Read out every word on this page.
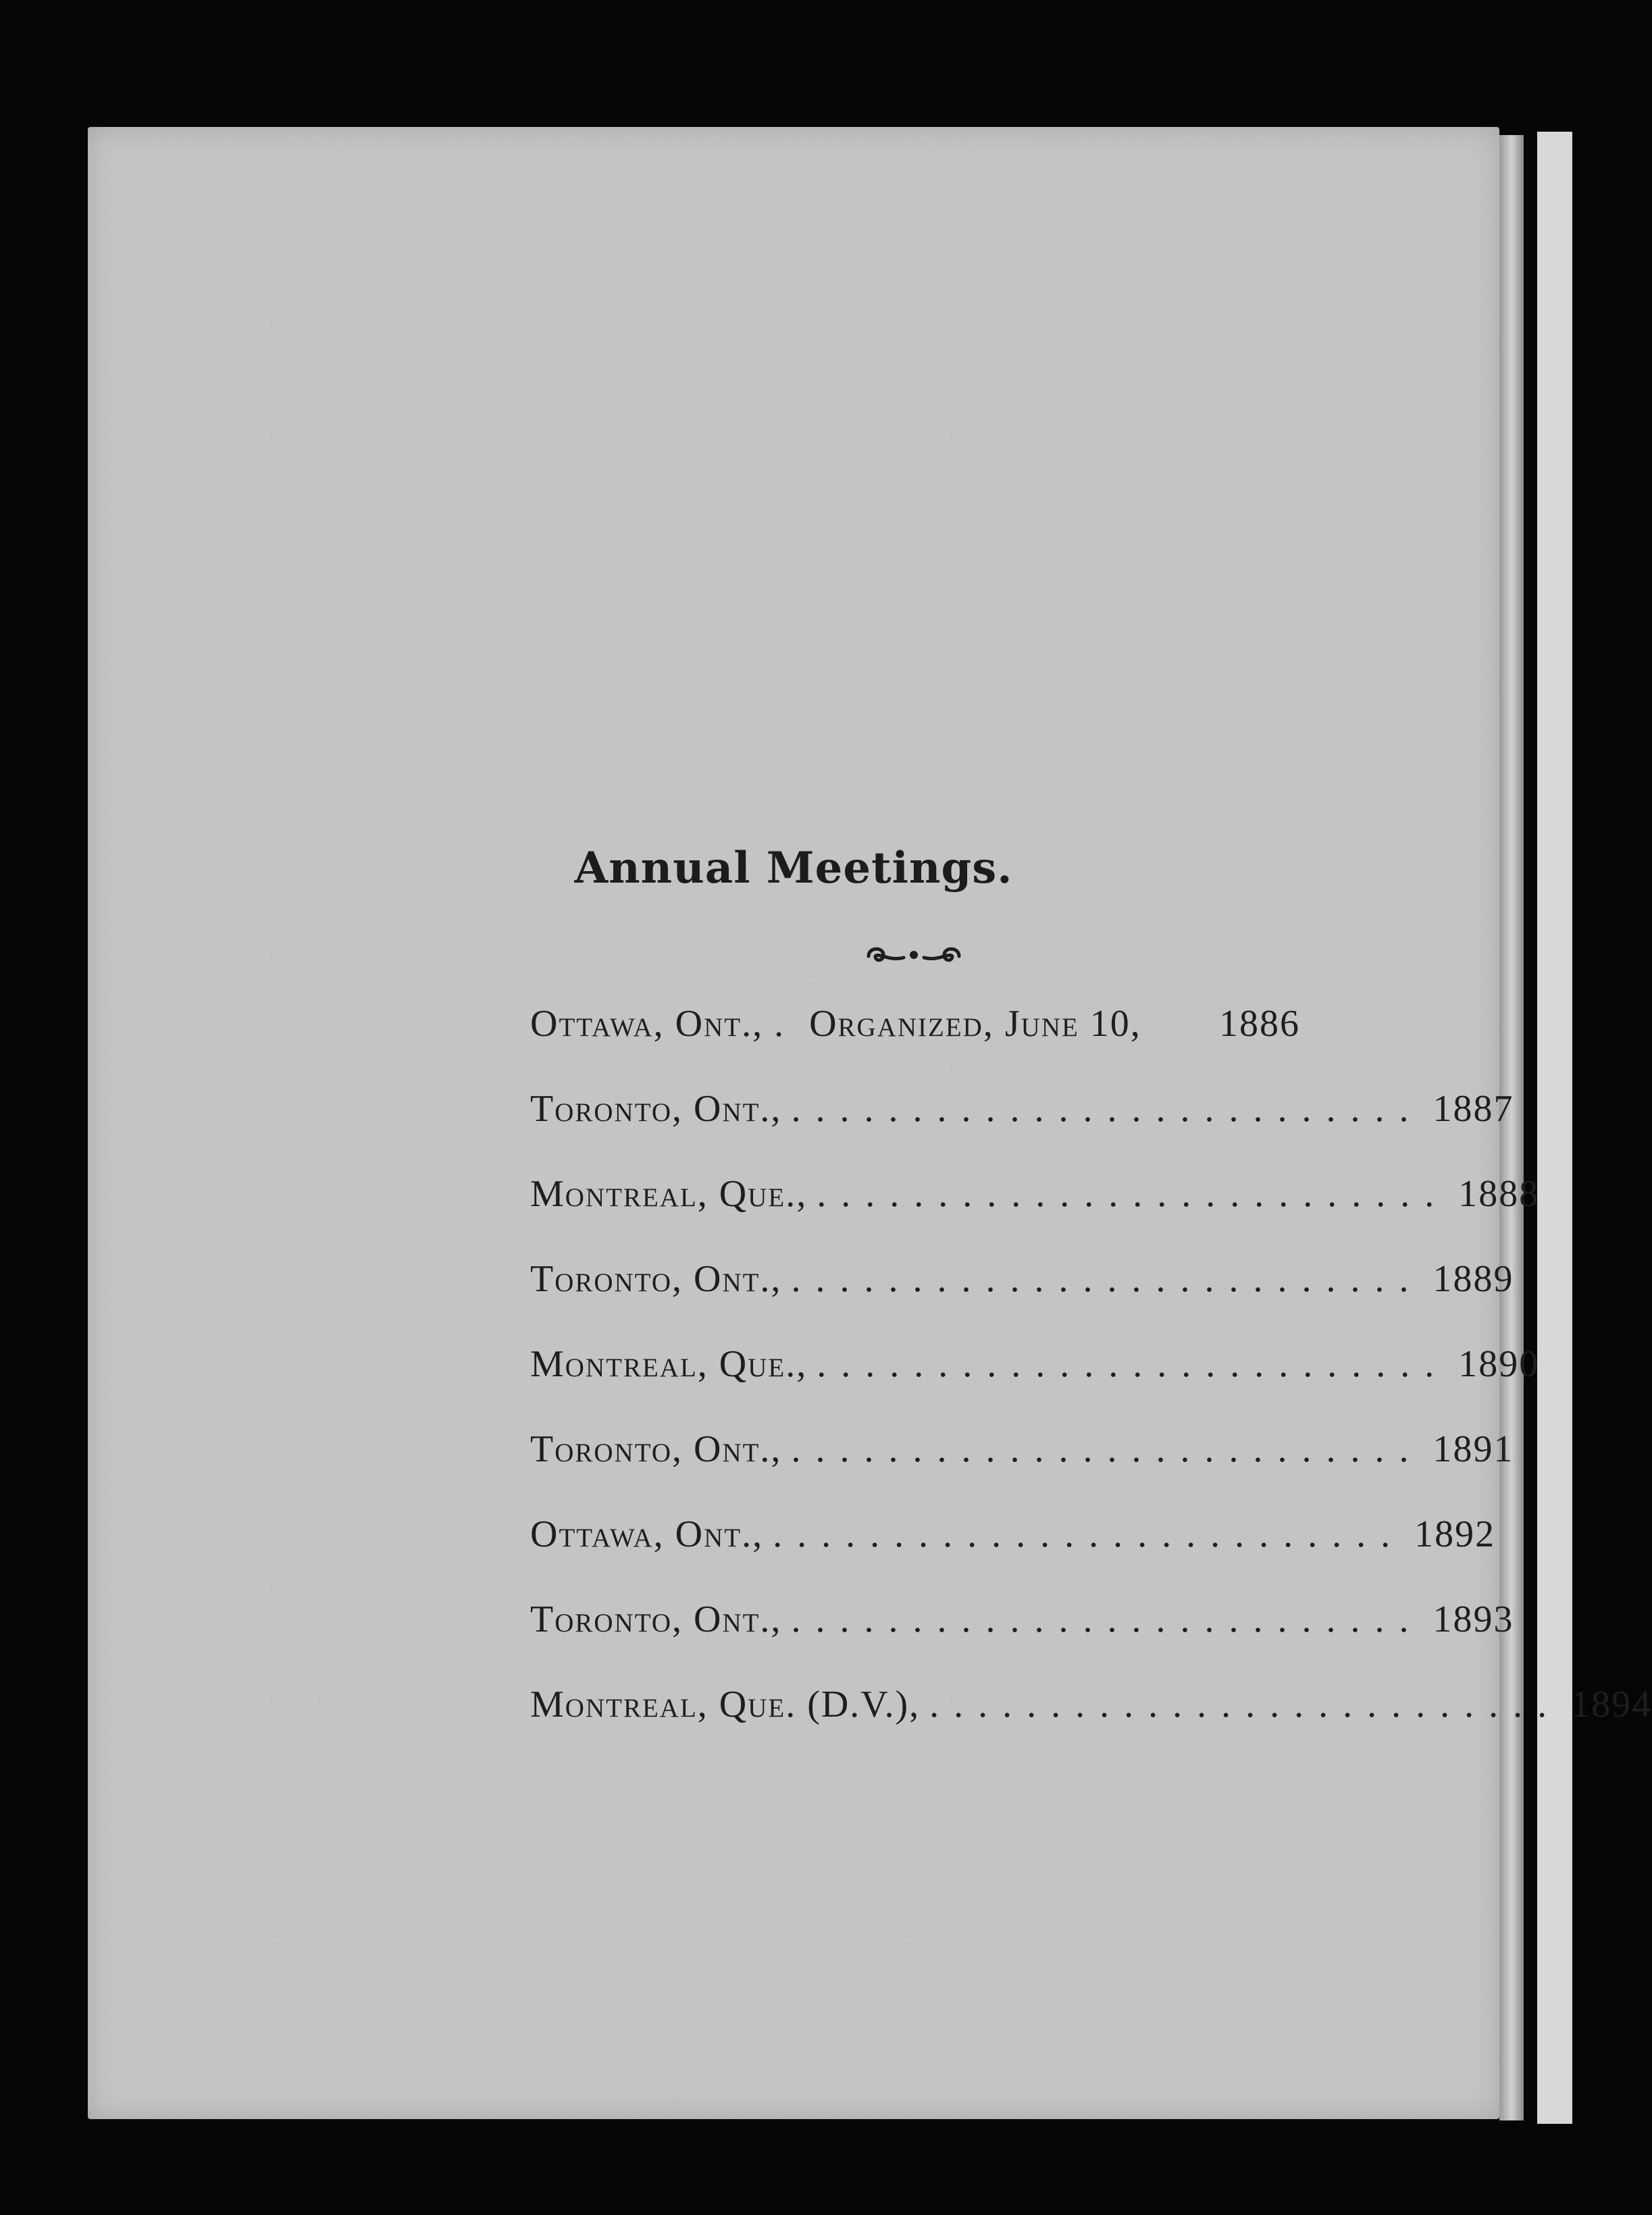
Annual Meetings.
Ottawa, Ont., . Organized, June 10,	1886
Toronto, Ont., .......................... 1887
Montreal, Que., .......................... 1888
Toronto, Ont., .......................... 1889
Montreal, Que., .......................... 1890
Toronto, Ont., .......................... 1891
Ottawa, Ont., .......................... 1892
Toronto, Ont., .......................... 1893
Montreal, Que. (D.V.), .......................... 1894
